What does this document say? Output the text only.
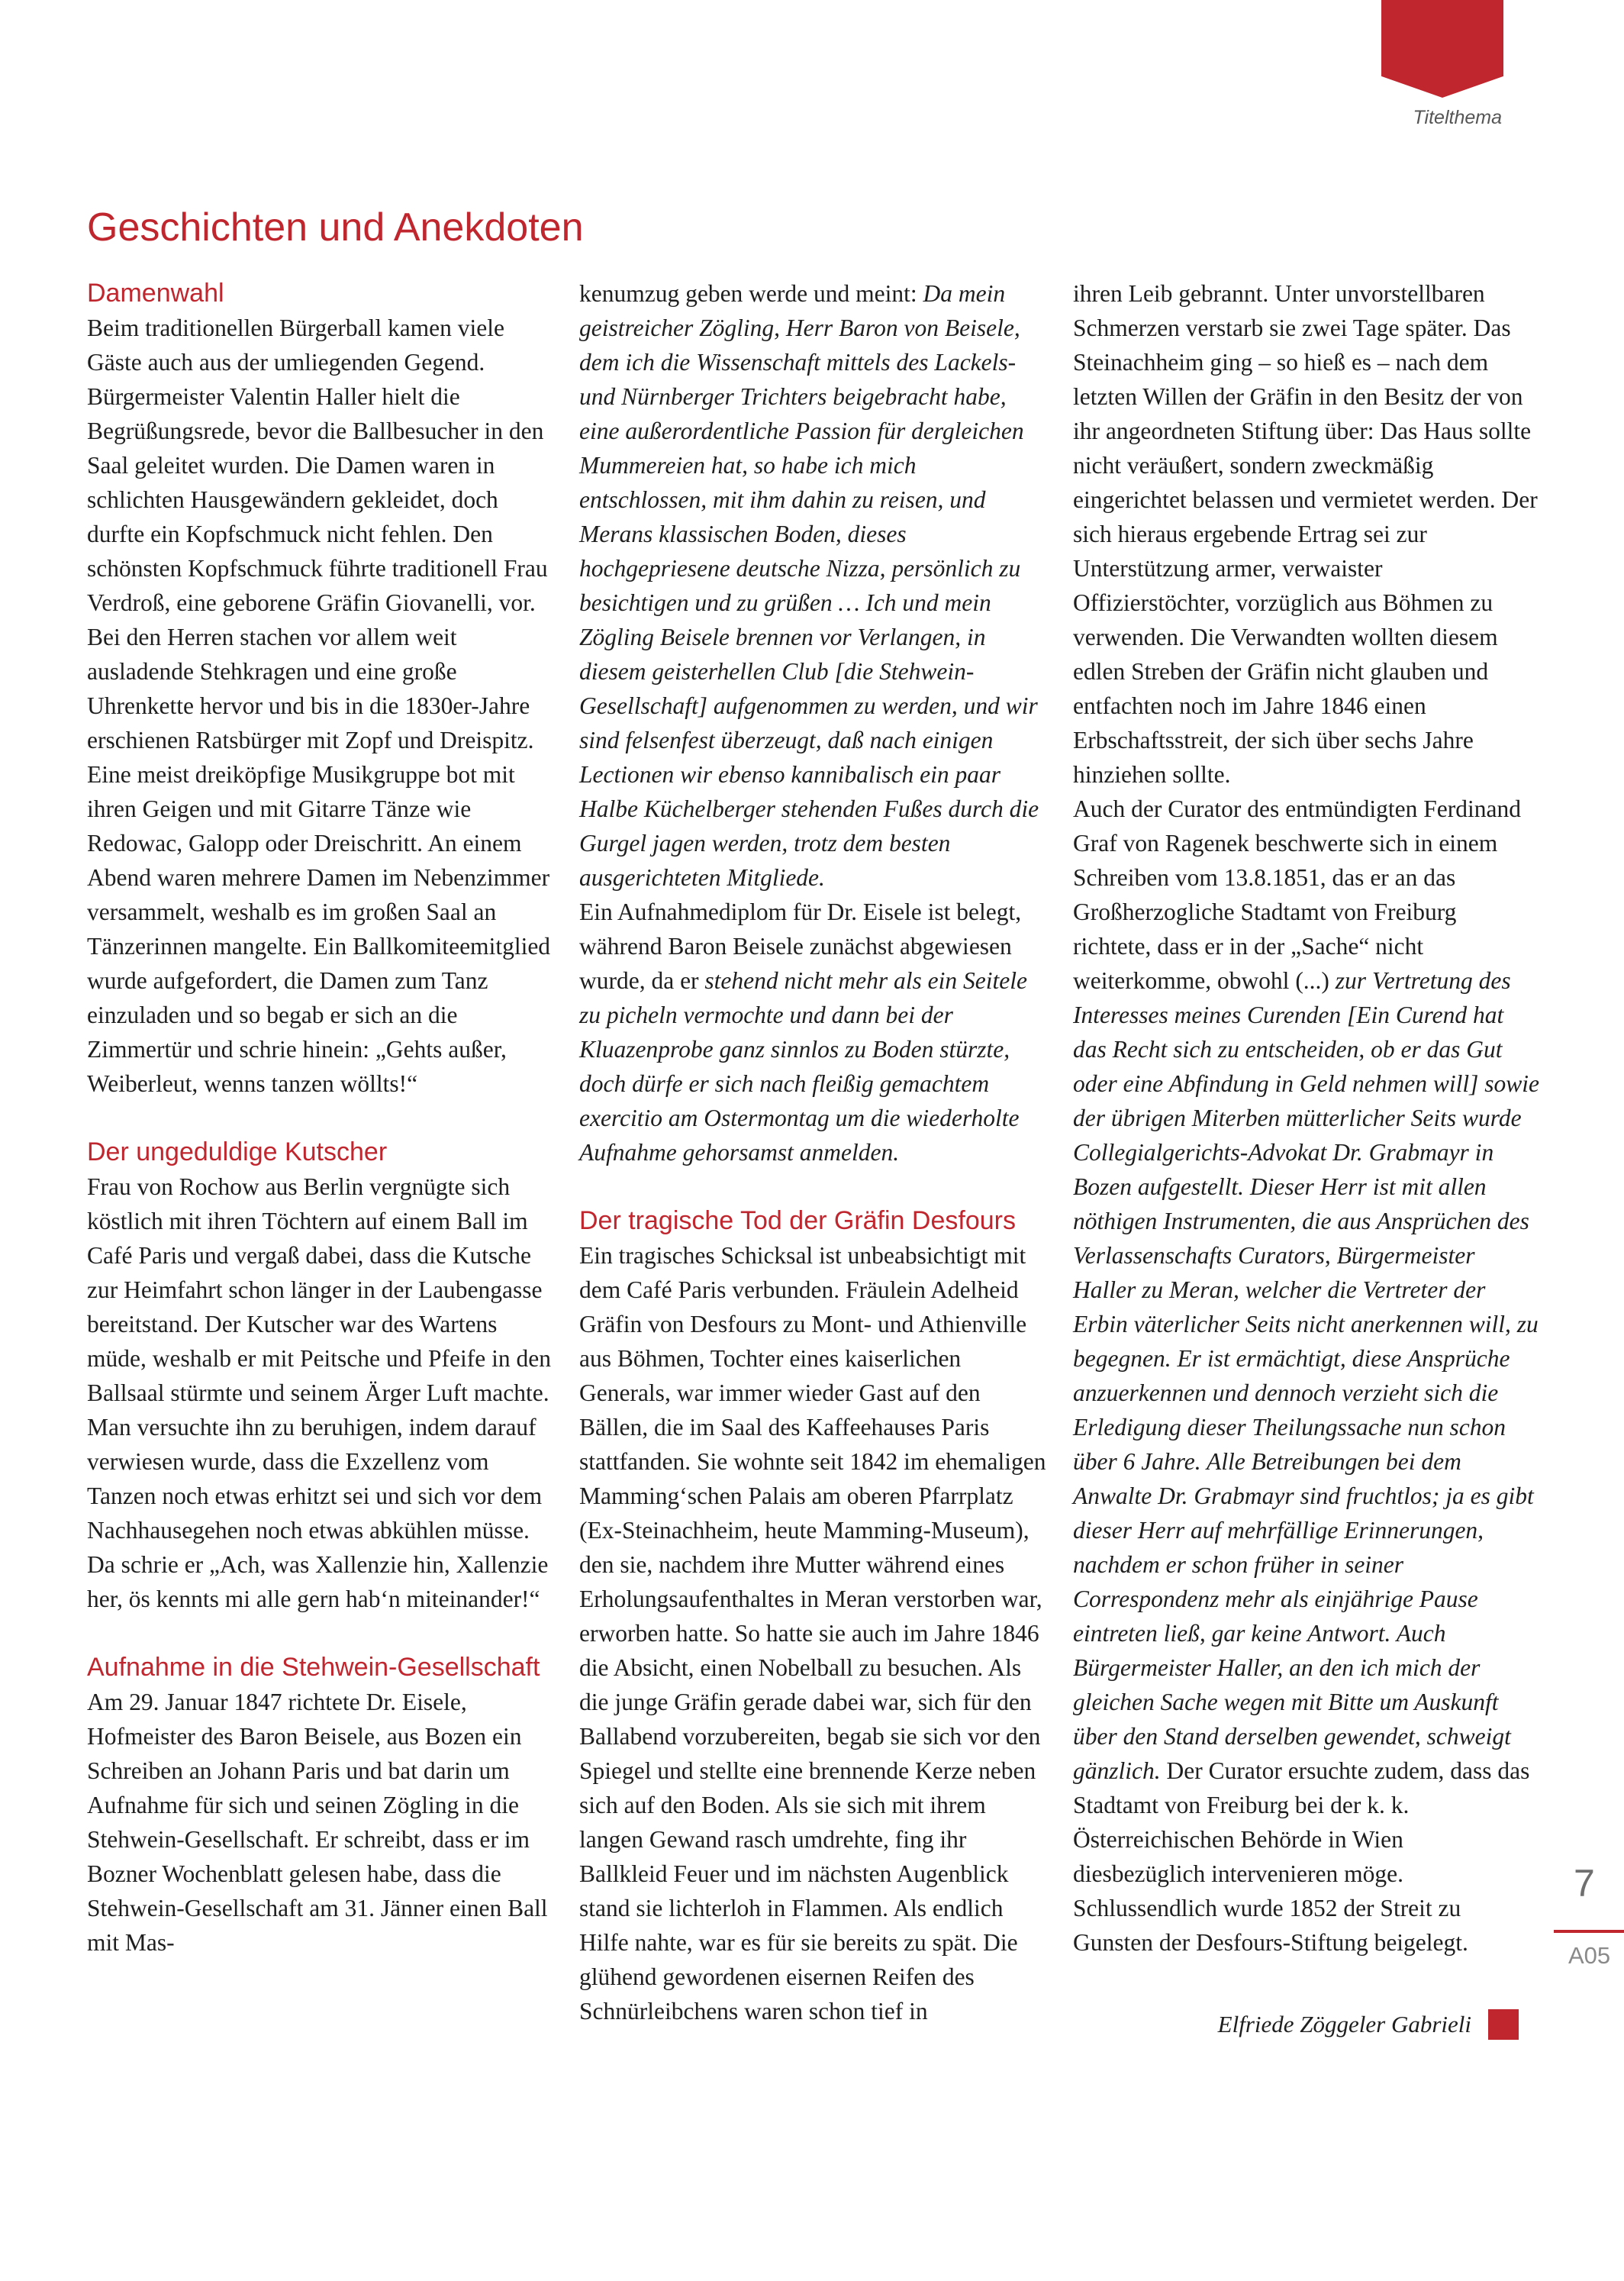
Titelthema
Geschichten und Anekdoten
Damenwahl

Beim traditionellen Bürgerball kamen viele Gäste auch aus der umliegenden Gegend. Bürgermeister Valentin Haller hielt die Begrüßungsrede, bevor die Ballbesucher in den Saal geleitet wurden. Die Damen waren in schlichten Hausgewändern gekleidet, doch durfte ein Kopfschmuck nicht fehlen. Den schönsten Kopfschmuck führte traditionell Frau Verdroß, eine geborene Gräfin Giovanelli, vor.

Bei den Herren stachen vor allem weit ausladende Stehkragen und eine große Uhrenkette hervor und bis in die 1830er-Jahre erschienen Ratsbürger mit Zopf und Dreispitz. Eine meist dreiköpfige Musikgruppe bot mit ihren Geigen und mit Gitarre Tänze wie Redowac, Galopp oder Dreischritt. An einem Abend waren mehrere Damen im Nebenzimmer versammelt, weshalb es im großen Saal an Tänzerinnen mangelte. Ein Ballkomiteemitglied wurde aufgefordert, die Damen zum Tanz einzuladen und so begab er sich an die Zimmertür und schrie hinein: „Gehts außer, Weiberleut, wenns tanzen wöllts!“

Der ungeduldige Kutscher

Frau von Rochow aus Berlin vergnügte sich köstlich mit ihren Töchtern auf einem Ball im Café Paris und vergaß dabei, dass die Kutsche zur Heimfahrt schon länger in der Laubengasse bereitstand. Der Kutscher war des Wartens müde, weshalb er mit Peitsche und Pfeife in den Ballsaal stürmte und seinem Ärger Luft machte. Man versuchte ihn zu beruhigen, indem darauf verwiesen wurde, dass die Exzellenz vom Tanzen noch etwas erhitzt sei und sich vor dem Nachhausegehen noch etwas abkühlen müsse. Da schrie er „Ach, was Xallenzie hin, Xallenzie her, ös kennts mi alle gern hab‘n miteinander!“

Aufnahme in die Stehwein-Gesellschaft

Am 29. Januar 1847 richtete Dr. Eisele, Hofmeister des Baron Beisele, aus Bozen ein Schreiben an Johann Paris und bat darin um Aufnahme für sich und seinen Zögling in die Stehwein-Gesellschaft. Er schreibt, dass er im Bozner Wochenblatt gelesen habe, dass die Stehwein-Gesellschaft am 31. Jänner einen Ball mit Mas-

kenumzug geben werde und meint: Da mein geistreicher Zögling, Herr Baron von Beisele, dem ich die Wissenschaft mittels des Lackels- und Nürnberger Trichters beigebracht habe, eine außerordentliche Passion für dergleichen Mummereien hat, so habe ich mich entschlossen, mit ihm dahin zu reisen, und Merans klassischen Boden, dieses hochgepriesene deutsche Nizza, persönlich zu besichtigen und zu grüßen … Ich und mein Zögling Beisele brennen vor Verlangen, in diesem geisterhellen Club [die Stehwein-Gesellschaft] aufgenommen zu werden, und wir sind felsenfest überzeugt, daß nach einigen Lectionen wir ebenso kannibalisch ein paar Halbe Küchelberger stehenden Fußes durch die Gurgel jagen werden, trotz dem besten ausgerichteten Mitgliede.

Ein Aufnahmediplom für Dr. Eisele ist belegt, während Baron Beisele zunächst abgewiesen wurde, da er stehend nicht mehr als ein Seitele zu picheln vermochte und dann bei der Kluazenprobe ganz sinnlos zu Boden stürzte, doch dürfe er sich nach fleißig gemachtem exercitio am Ostermontag um die wiederholte Aufnahme gehorsamst anmelden.

Der tragische Tod der Gräfin Desfours

Ein tragisches Schicksal ist unbeabsichtigt mit dem Café Paris verbunden. Fräulein Adelheid Gräfin von Desfours zu Mont- und Athienville aus Böhmen, Tochter eines kaiserlichen Generals, war immer wieder Gast auf den Bällen, die im Saal des Kaffeehauses Paris stattfanden. Sie wohnte seit 1842 im ehemaligen Mamming‘schen Palais am oberen Pfarrplatz (Ex-Steinachheim, heute Mamming-Museum), den sie, nachdem ihre Mutter während eines Erholungsaufenthaltes in Meran verstorben war, erworben hatte. So hatte sie auch im Jahre 1846 die Absicht, einen Nobelball zu besuchen. Als die junge Gräfin gerade dabei war, sich für den Ballabend vorzubereiten, begab sie sich vor den Spiegel und stellte eine brennende Kerze neben sich auf den Boden. Als sie sich mit ihrem langen Gewand rasch umdrehte, fing ihr Ballkleid Feuer und im nächsten Augenblick stand sie lichterloh in Flammen. Als endlich Hilfe nahte, war es für sie bereits zu spät. Die glühend gewordenen eisernen Reifen des Schnürleibchens waren schon tief in

ihren Leib gebrannt. Unter unvorstellbaren Schmerzen verstarb sie zwei Tage später. Das Steinachheim ging – so hieß es – nach dem letzten Willen der Gräfin in den Besitz der von ihr angeordneten Stiftung über: Das Haus sollte nicht veräußert, sondern zweckmäßig eingerichtet belassen und vermietet werden. Der sich hieraus ergebende Ertrag sei zur Unterstützung armer, verwaister Offizierstöchter, vorzüglich aus Böhmen zu verwenden. Die Verwandten wollten diesem edlen Streben der Gräfin nicht glauben und entfachten noch im Jahre 1846 einen Erbschaftsstreit, der sich über sechs Jahre hinziehen sollte.

Auch der Curator des entmündigten Ferdinand Graf von Ragenek beschwerte sich in einem Schreiben vom 13.8.1851, das er an das Großherzogliche Stadtamt von Freiburg richtete, dass er in der „Sache“ nicht weiterkomme, obwohl (...) zur Vertretung des Interesses meines Curenden [Ein Curend hat das Recht sich zu entscheiden, ob er das Gut oder eine Abfindung in Geld nehmen will] sowie der übrigen Miterben mütterlicher Seits wurde Collegialgerichts-Advokat Dr. Grabmayr in Bozen aufgestellt. Dieser Herr ist mit allen nöthigen Instrumenten, die aus Ansprüchen des Verlassenschafts Curators, Bürgermeister Haller zu Meran, welcher die Vertreter der Erbin väterlicher Seits nicht anerkennen will, zu begegnen. Er ist ermächtigt, diese Ansprüche anzuerkennen und dennoch verzieht sich die Erledigung dieser Theilungssache nun schon über 6 Jahre. Alle Betreibungen bei dem Anwalte Dr. Grabmayr sind fruchtlos; ja es gibt dieser Herr auf mehrfällige Erinnerungen, nachdem er schon früher in seiner Correspondenz mehr als einjährige Pause eintreten ließ, gar keine Antwort. Auch Bürgermeister Haller, an den ich mich der gleichen Sache wegen mit Bitte um Auskunft über den Stand derselben gewendet, schweigt gänzlich. Der Curator ersuchte zudem, dass das Stadtamt von Freiburg bei der k. k. Österreichischen Behörde in Wien diesbezüglich intervenieren möge. Schlussendlich wurde 1852 der Streit zu Gunsten der Desfours-Stiftung beigelegt.

Elfriede Zöggeler Gabrieli
7
A05
